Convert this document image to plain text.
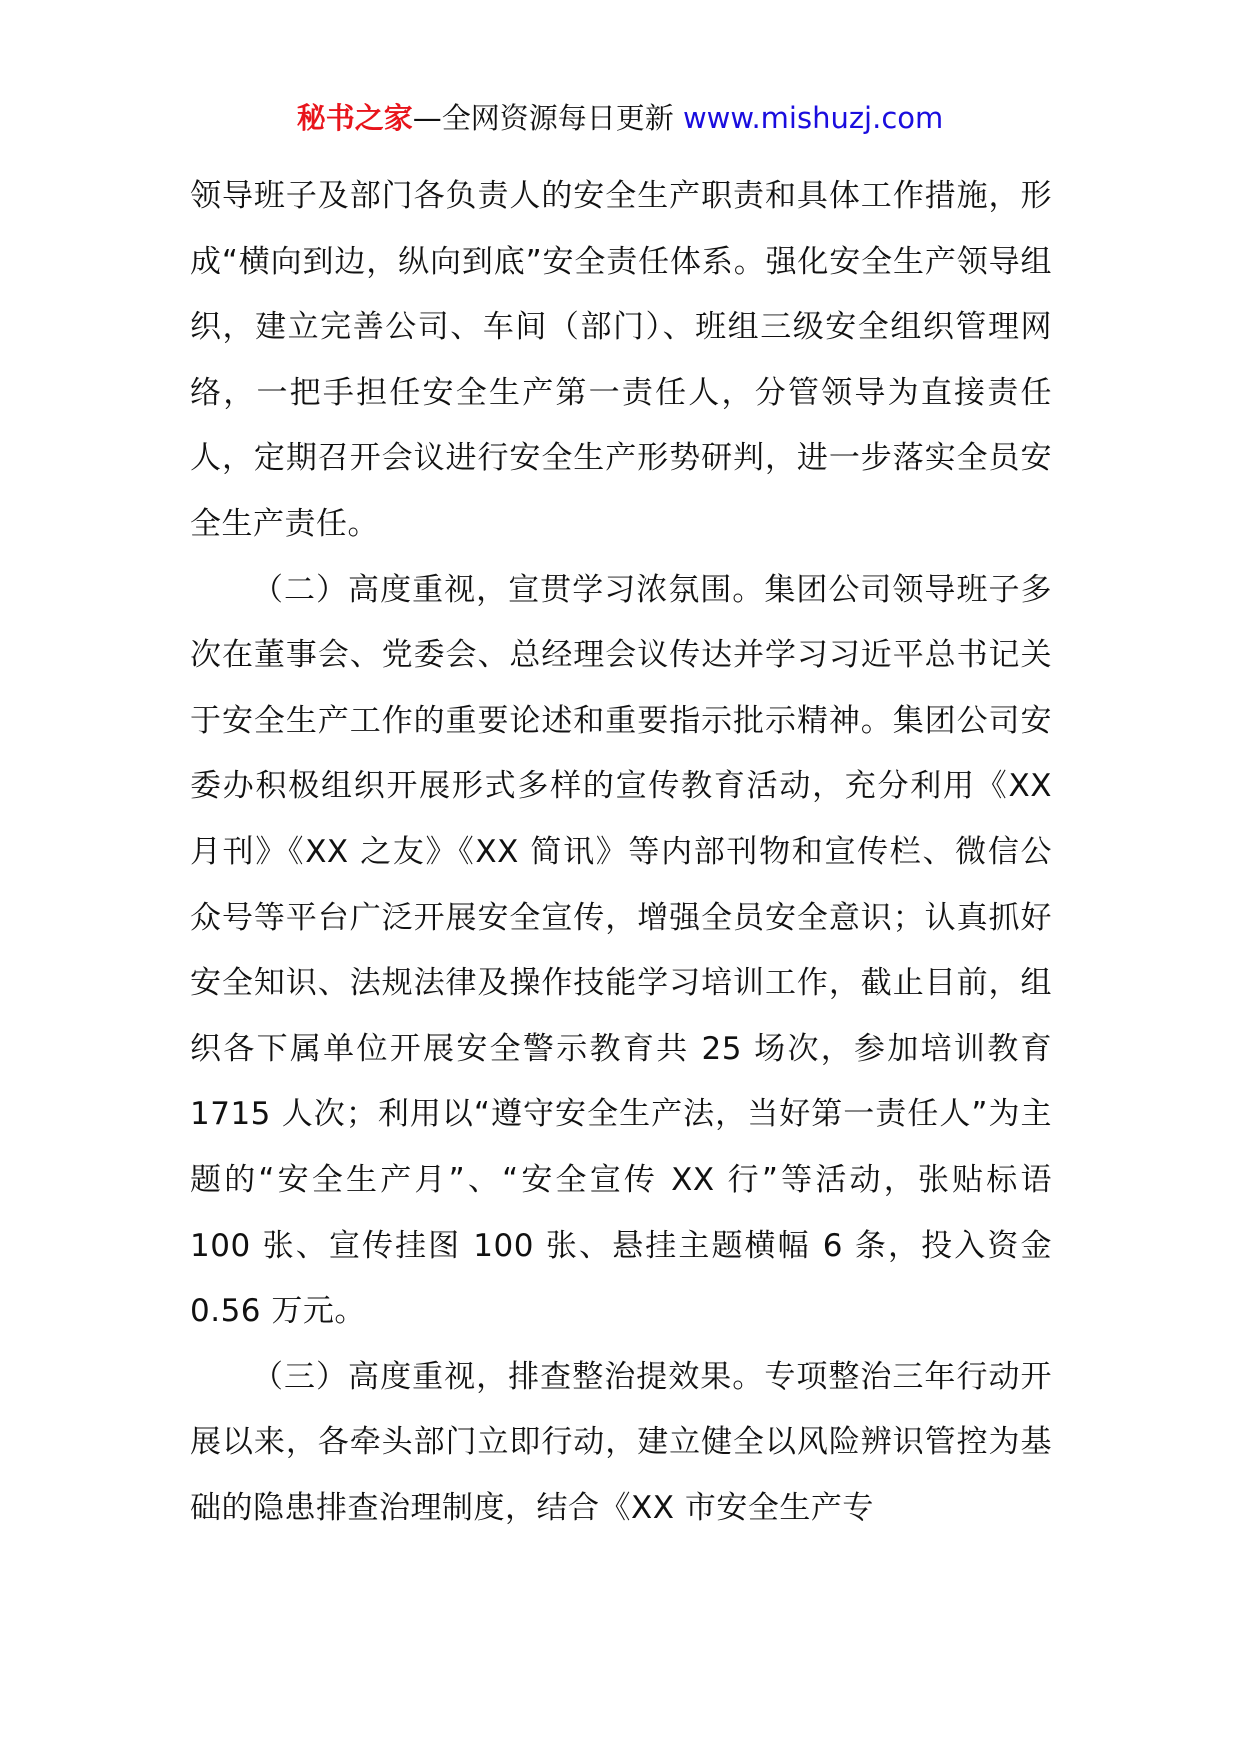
秘书之家—全网资源每日更新 www.mishuzj.com

领导班子及部门各负责人的安全生产职责和具体工作措施，形成“横向到边，纵向到底”安全责任体系。强化安全生产领导组织，建立完善公司、车间（部门）、班组三级安全组织管理网络，一把手担任安全生产第一责任人，分管领导为直接责任人，定期召开会议进行安全生产形势研判，进一步落实全员安全生产责任。

（二）高度重视，宣贯学习浓氛围。集团公司领导班子多次在董事会、党委会、总经理会议传达并学习习近平总书记关于安全生产工作的重要论述和重要指示批示精神。集团公司安委办积极组织开展形式多样的宣传教育活动，充分利用《XX 月刊》《XX 之友》《XX 简讯》等内部刊物和宣传栏、微信公众号等平台广泛开展安全宣传，增强全员安全意识；认真抓好安全知识、法规法律及操作技能学习培训工作，截止目前，组织各下属单位开展安全警示教育共 25 场次，参加培训教育 1715 人次；利用以“遵守安全生产法，当好第一责任人”为主题的“安全生产月”、“安全宣传 XX 行”等活动，张贴标语 100 张、宣传挂图 100 张、悬挂主题横幅 6 条，投入资金 0.56 万元。

（三）高度重视，排查整治提效果。专项整治三年行动开展以来，各牵头部门立即行动，建立健全以风险辨识管控为基础的隐患排查治理制度，结合《XX 市安全生产专
